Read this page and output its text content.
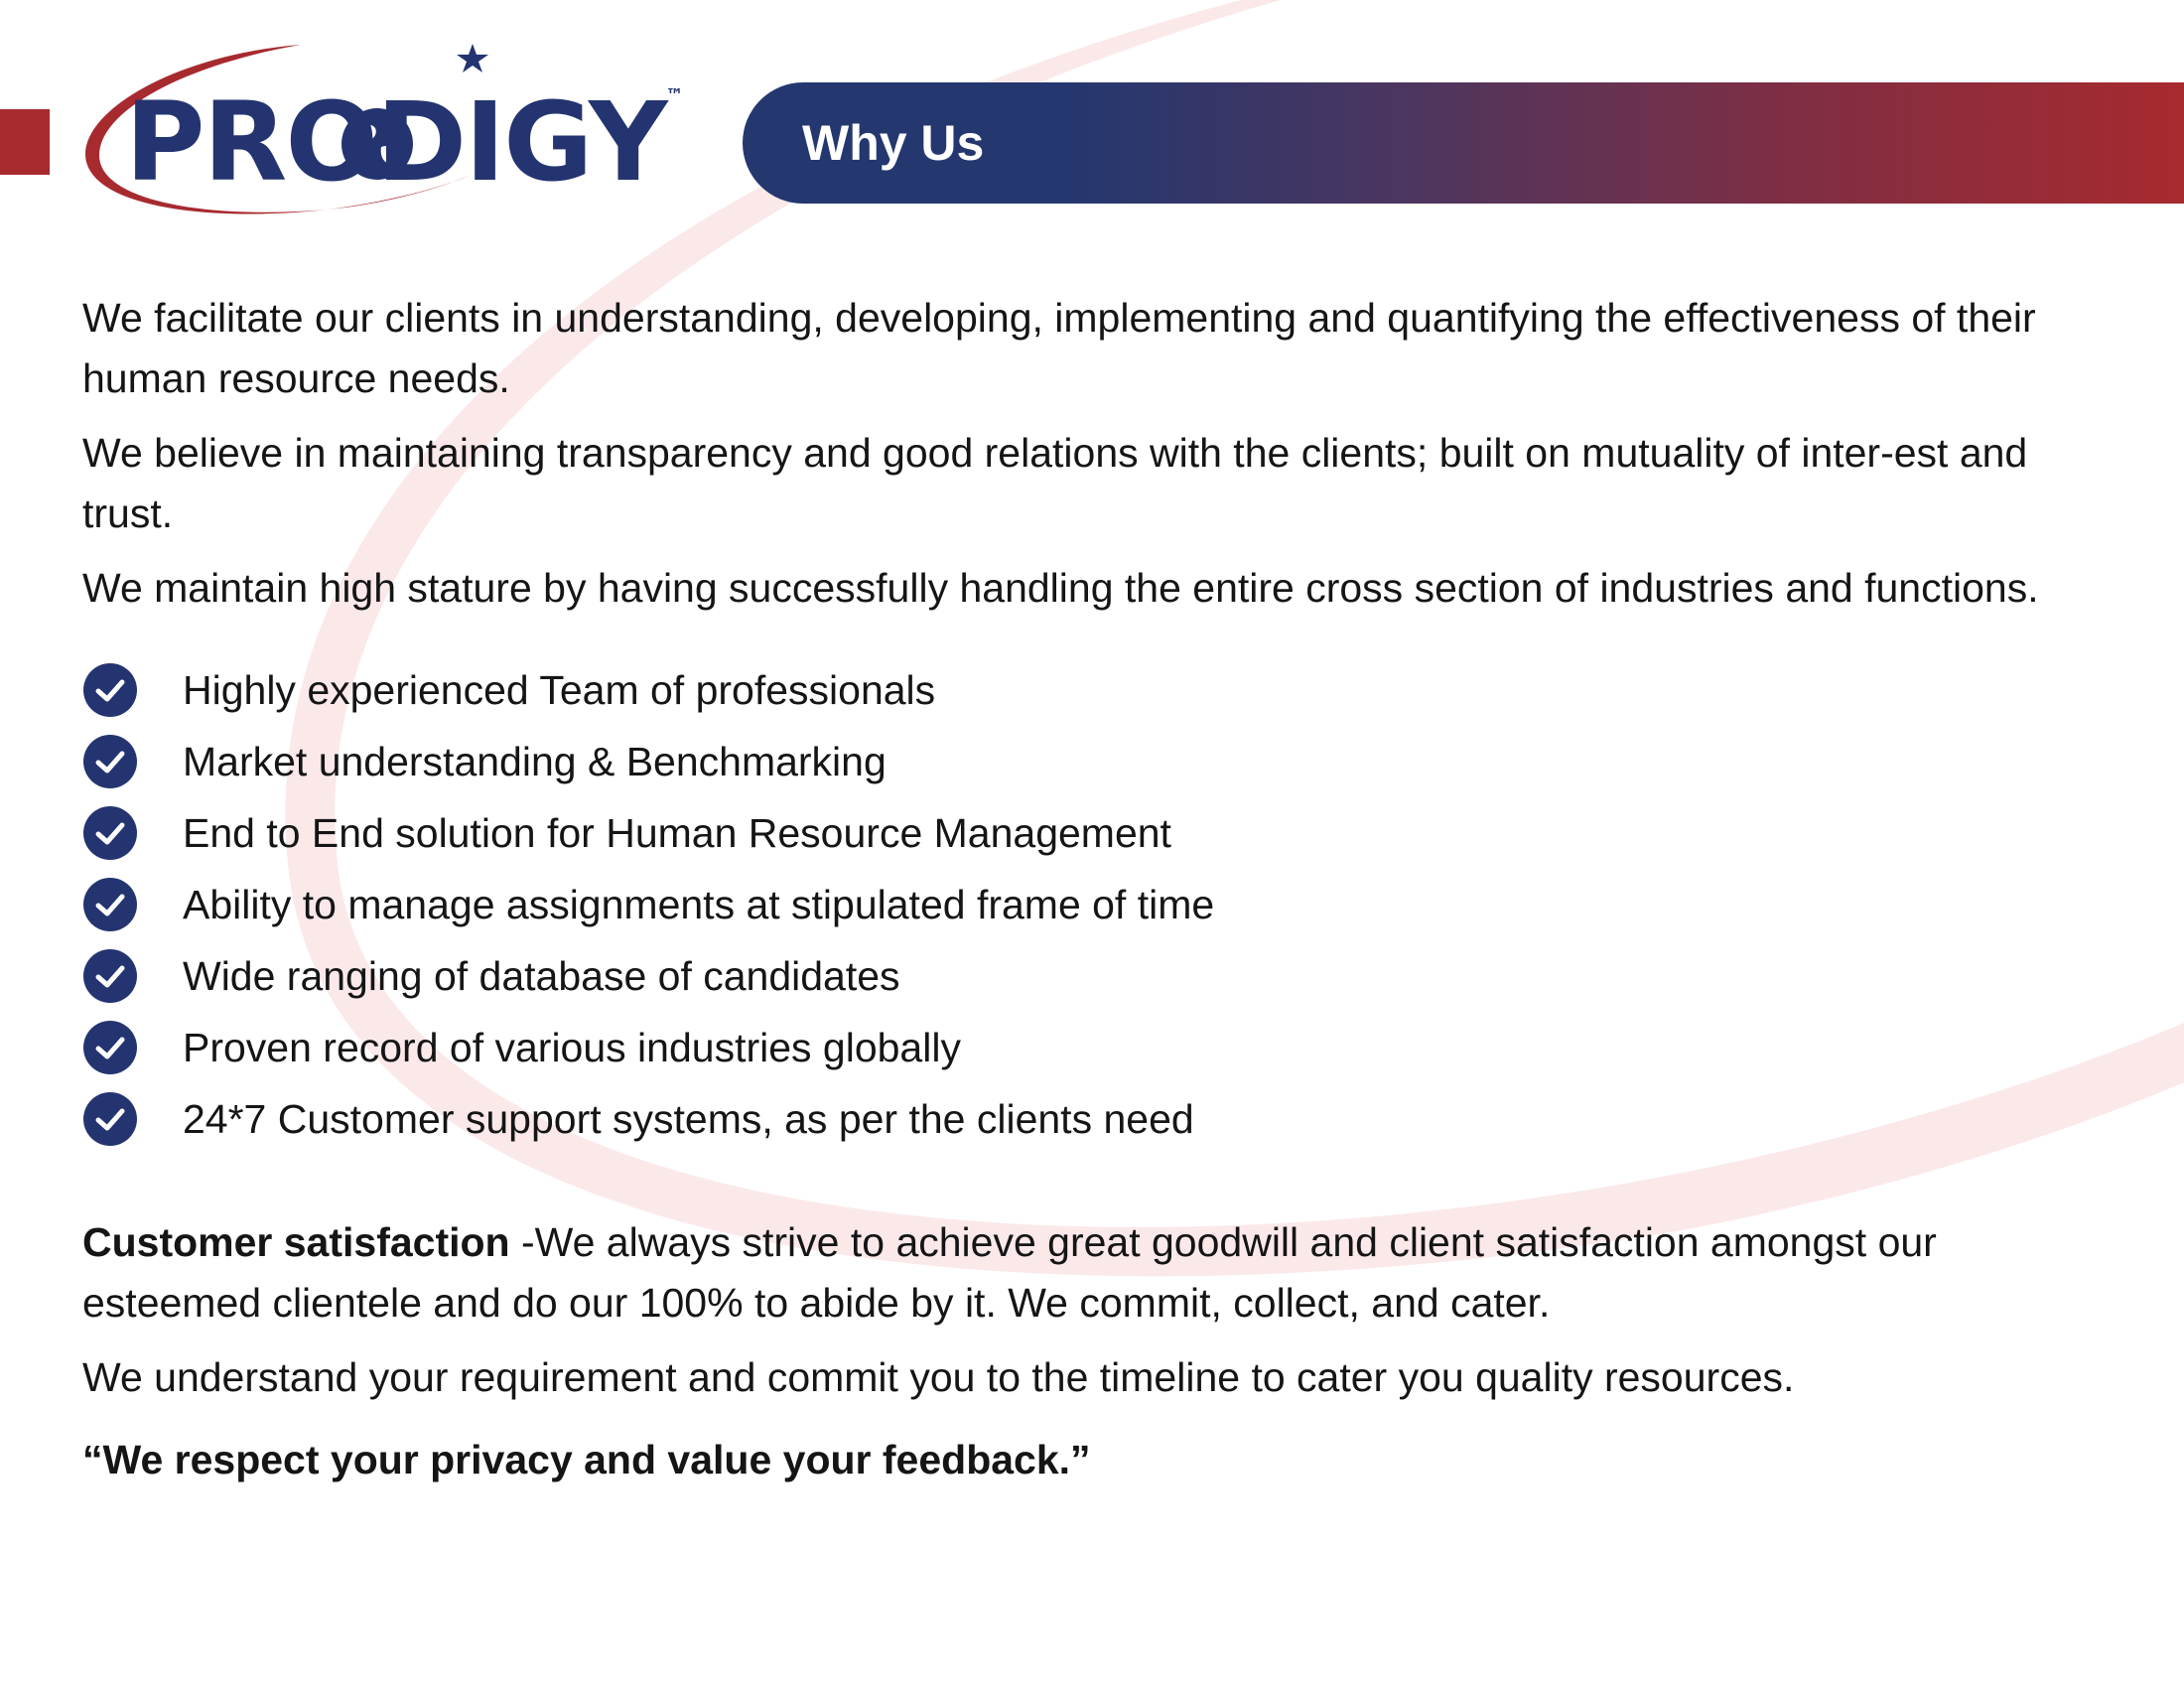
PRODIGY™
Why Us

We facilitate our clients in understanding, developing, implementing and quantifying the effectiveness of their human resource needs.

We believe in maintaining transparency and good relations with the clients; built on mutuality of inter-est and trust.

We maintain high stature by having successfully handling the entire cross section of industries and functions.

Highly experienced Team of professionals
Market understanding & Benchmarking
End to End solution for Human Resource Management
Ability to manage assignments at stipulated frame of time
Wide ranging of database of candidates
Proven record of various industries globally
24*7 Customer support systems, as per the clients need

Customer satisfaction -We always strive to achieve great goodwill and client satisfaction amongst our esteemed clientele and do our 100% to abide by it. We commit, collect, and cater.

We understand your requirement and commit you to the timeline to cater you quality resources.

“We respect your privacy and value your feedback.”
